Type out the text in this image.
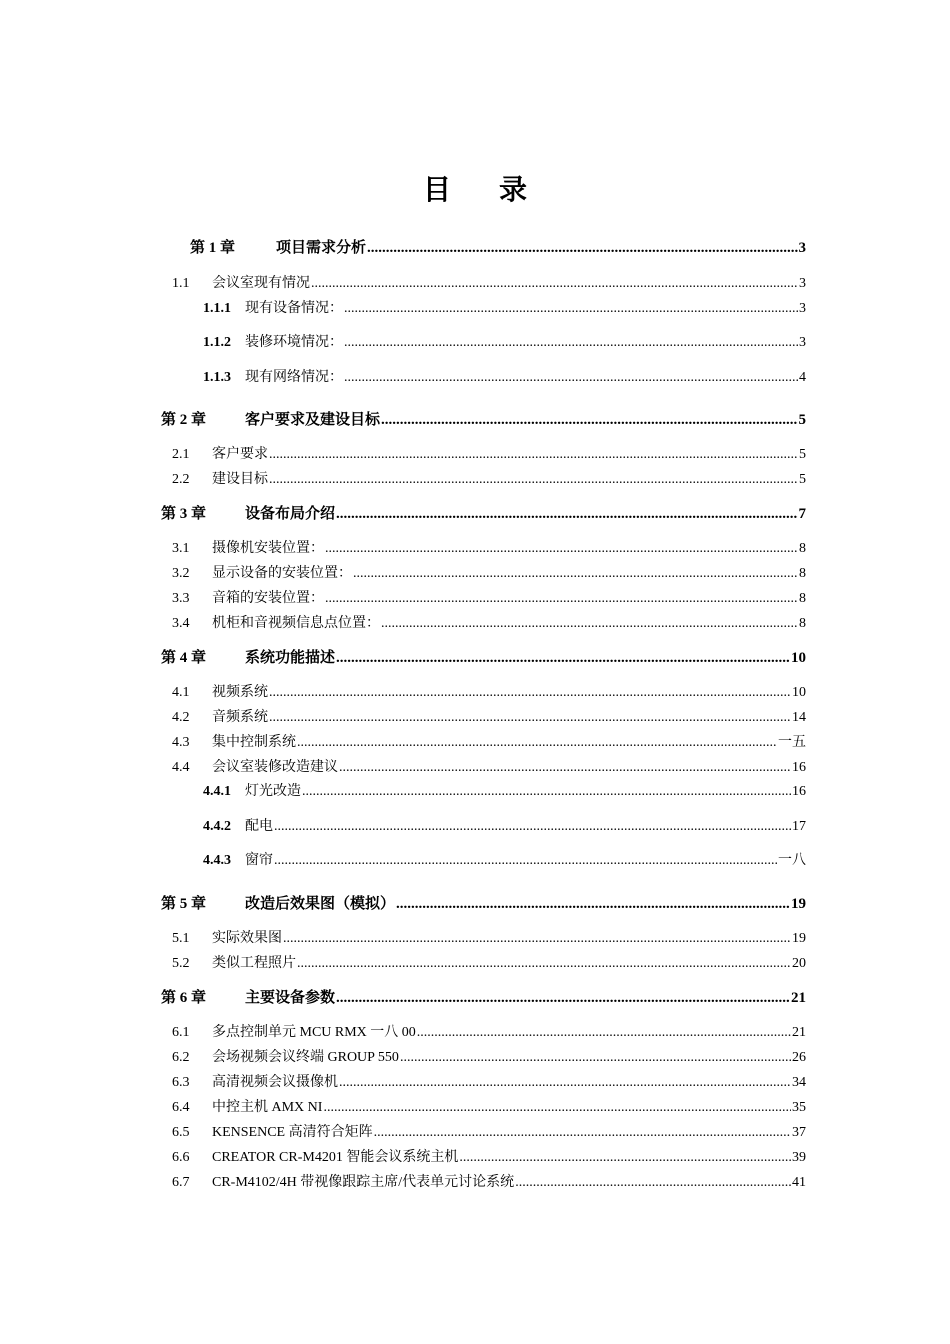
目 录
第 1 章	项目需求分析 .....	3
1.1	会议室现有情况 .....	3
1.1.1	现有设备情况： .....	3
1.1.2	装修环境情况： .....	3
1.1.3	现有网络情况： .....	4
第 2 章	客户要求及建设目标 .....	5
2.1	客户要求 .....	5
2.2	建设目标 .....	5
第 3 章	设备布局介绍 .....	7
3.1	摄像机安装位置： .....	8
3.2	显示设备的安装位置： .....	8
3.3	音箱的安装位置： .....	8
3.4	机柜和音视频信息点位置： .....	8
第 4 章	系统功能描述 .....	10
4.1	视频系统 .....	10
4.2	音频系统 .....	14
4.3	集中控制系统 .....	一五
4.4	会议室装修改造建议 .....	16
4.4.1	灯光改造 .....	16
4.4.2	配电 .....	17
4.4.3	窗帘 .....	一八
第 5 章	改造后效果图（模拟） .....	19
5.1	实际效果图 .....	19
5.2	类似工程照片 .....	20
第 6 章	主要设备参数 .....	21
6.1	多点控制单元 MCU RMX 一八 00 .....	21
6.2	会场视频会议终端 GROUP 550 .....	26
6.3	高清视频会议摄像机 .....	34
6.4	中控主机 AMX NI .....	35
6.5	KENSENCE 高清符合矩阵 .....	37
6.6	CREATOR CR-M4201 智能会议系统主机 .....	39
6.7	CR-M4102/4H 带视像跟踪主席/代表单元讨论系统 .....	41
